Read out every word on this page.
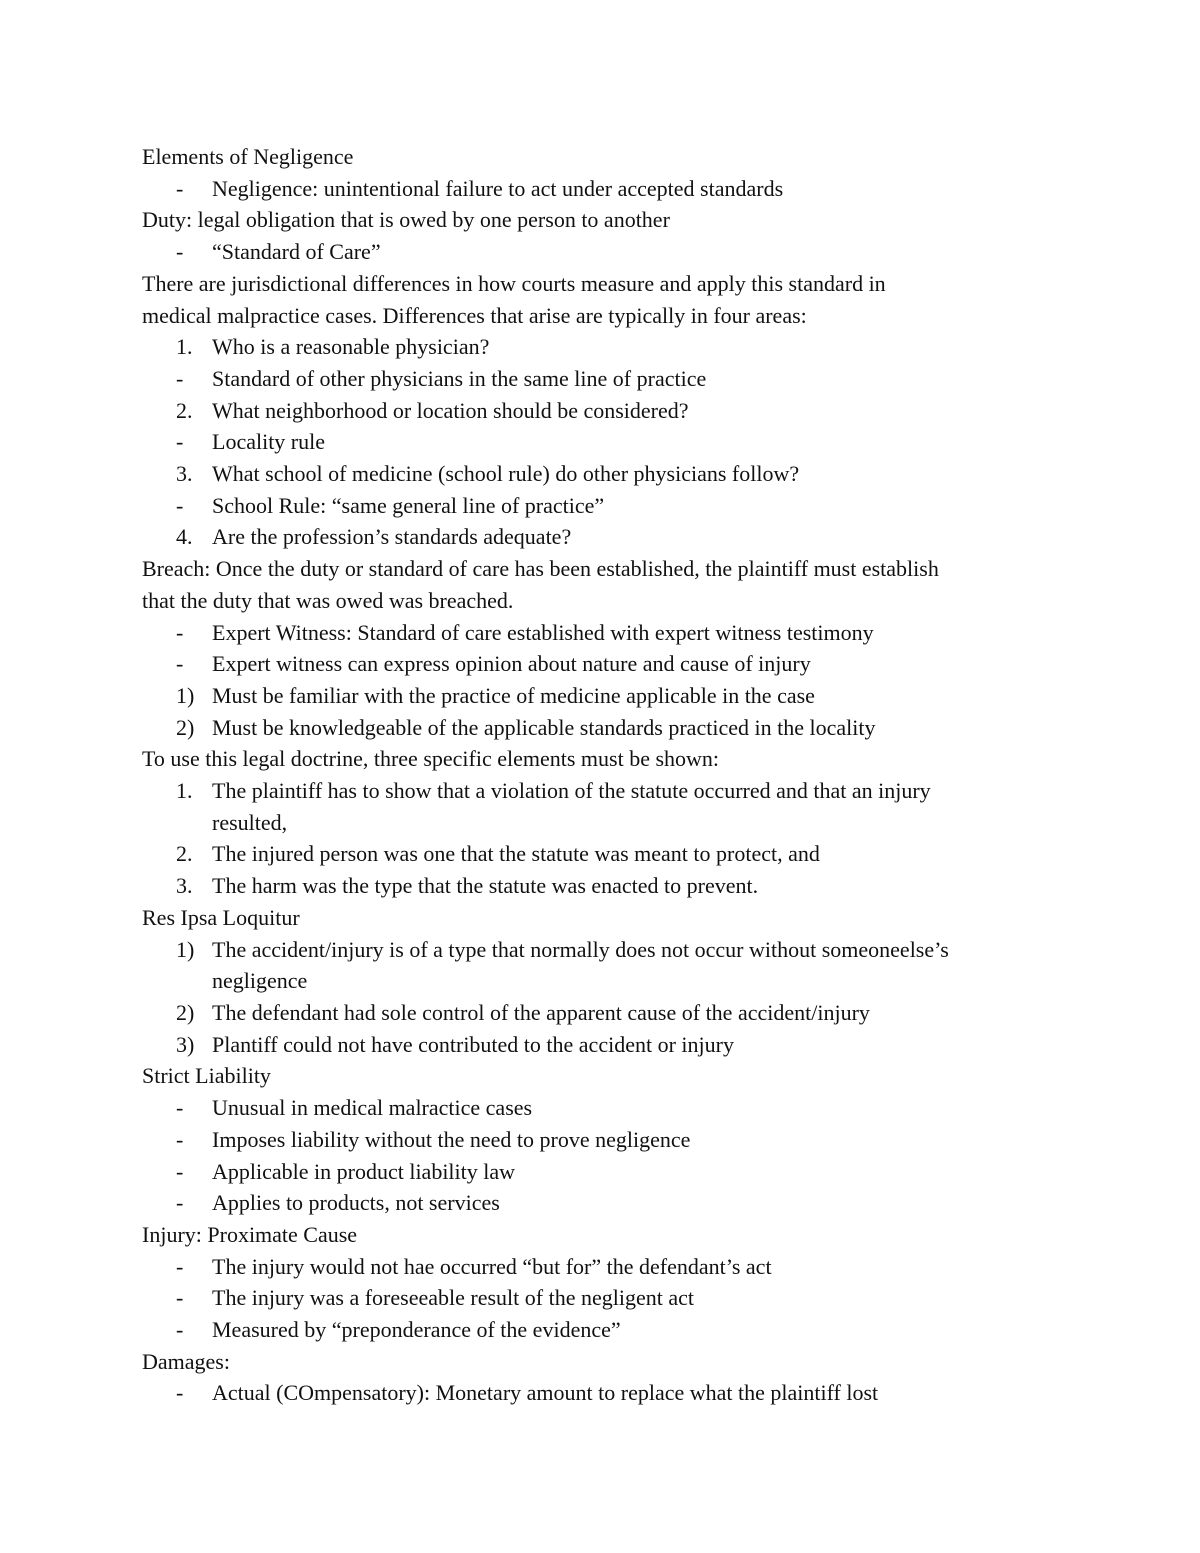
Elements of Negligence
- Negligence: unintentional failure to act under accepted standards
Duty: legal obligation that is owed by one person to another
- “Standard of Care”
There are jurisdictional differences in how courts measure and apply this standard in
medical malpractice cases. Differences that arise are typically in four areas:
1. Who is a reasonable physician?
- Standard of other physicians in the same line of practice
2. What neighborhood or location should be considered?
- Locality rule
3. What school of medicine (school rule) do other physicians follow?
- School Rule: “same general line of practice”
4. Are the profession’s standards adequate?
Breach: Once the duty or standard of care has been established, the plaintiff must establish
that the duty that was owed was breached.
- Expert Witness: Standard of care established with expert witness testimony
- Expert witness can express opinion about nature and cause of injury
1) Must be familiar with the practice of medicine applicable in the case
2) Must be knowledgeable of the applicable standards practiced in the locality
To use this legal doctrine, three specific elements must be shown:
1. The plaintiff has to show that a violation of the statute occurred and that an injury
resulted,
2. The injured person was one that the statute was meant to protect, and
3. The harm was the type that the statute was enacted to prevent.
Res Ipsa Loquitur
1) The accident/injury is of a type that normally does not occur without someoneelse’s
negligence
2) The defendant had sole control of the apparent cause of the accident/injury
3) Plantiff could not have contributed to the accident or injury
Strict Liability
- Unusual in medical malractice cases
- Imposes liability without the need to prove negligence
- Applicable in product liability law
- Applies to products, not services
Injury: Proximate Cause
- The injury would not hae occurred “but for” the defendant’s act
- The injury was a foreseeable result of the negligent act
- Measured by “preponderance of the evidence”
Damages:
- Actual (COmpensatory): Monetary amount to replace what the plaintiff lost
